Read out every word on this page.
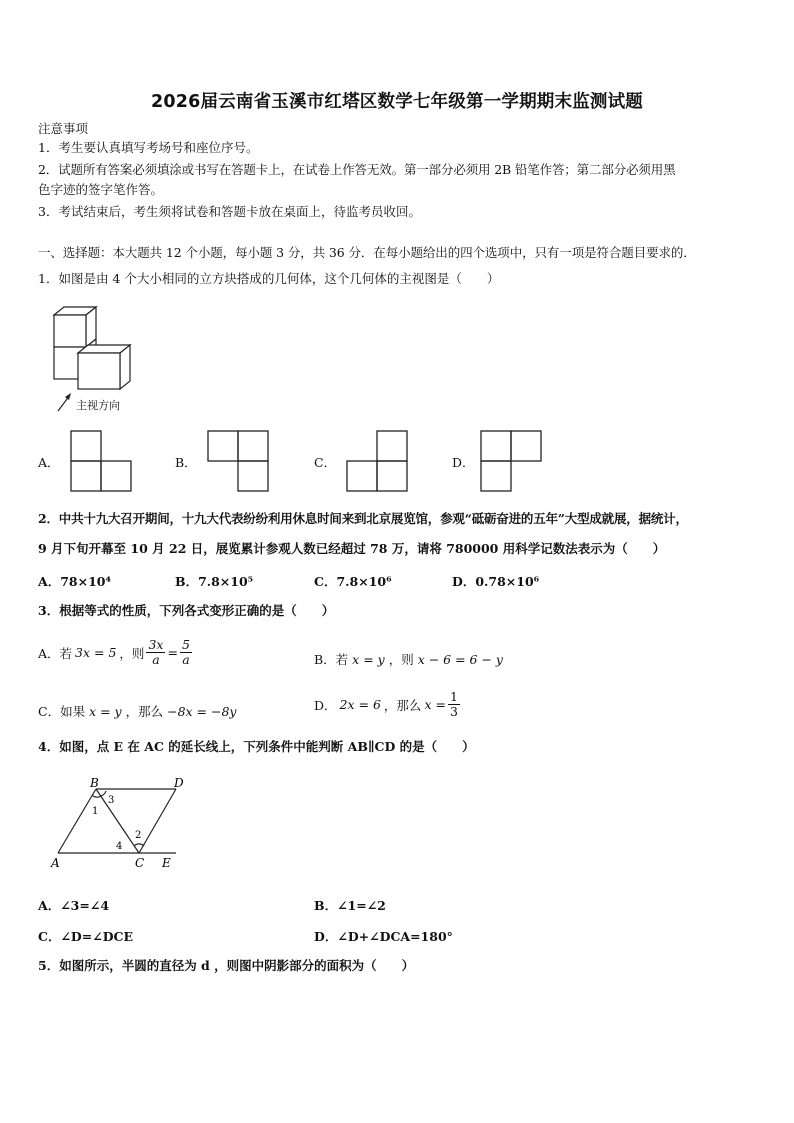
2026届云南省玉溪市红塔区数学七年级第一学期期末监测试题
注意事项
1．考生要认真填写考场号和座位序号。
2．试题所有答案必须填涂或书写在答题卡上，在试卷上作答无效。第一部分必须用 2B 铅笔作答；第二部分必须用黑
色字迹的签字笔作答。
3．考试结束后，考生须将试卷和答题卡放在桌面上，待监考员收回。
一、选择题：本大题共 12 个小题，每小题 3 分，共 36 分．在每小题给出的四个选项中，只有一项是符合题目要求的．
1．如图是由 4 个大小相同的立方块搭成的几何体，这个几何体的主视图是（　　）
主视方向
A．	B．	C．	D．
2．中共十九大召开期间，十九大代表纷纷利用休息时间来到北京展览馆，参观“砥砺奋进的五年”大型成就展，据统计，
9 月下旬开幕至 10 月 22 日，展览累计参观人数已经超过 78 万，请将 780000 用科学记数法表示为（　　）
A．78×10⁴	B．7.8×10⁵	C．7.8×10⁶	D．0.78×10⁶
3．根据等式的性质，下列各式变形正确的是（　　）
A．若 3x = 5 ，则 $\frac{3x}{a} = \frac{5}{a}$	B．若 x = y ，则 x − 6 = 6 − y
C．如果 x = y ，那么 −8x = −8y	D． 2x = 6 ，那么 $x = \frac{1}{3}$
4．如图，点 E 在 AC 的延长线上，下列条件中能判断 AB∥CD 的是（　　）
B	D
A	C E
1
3
2
4
A．∠3=∠4	B．∠1=∠2
C．∠D=∠DCE	D．∠D+∠DCA=180°
5．如图所示，半圆的直径为 d ，则图中阴影部分的面积为（　　）
